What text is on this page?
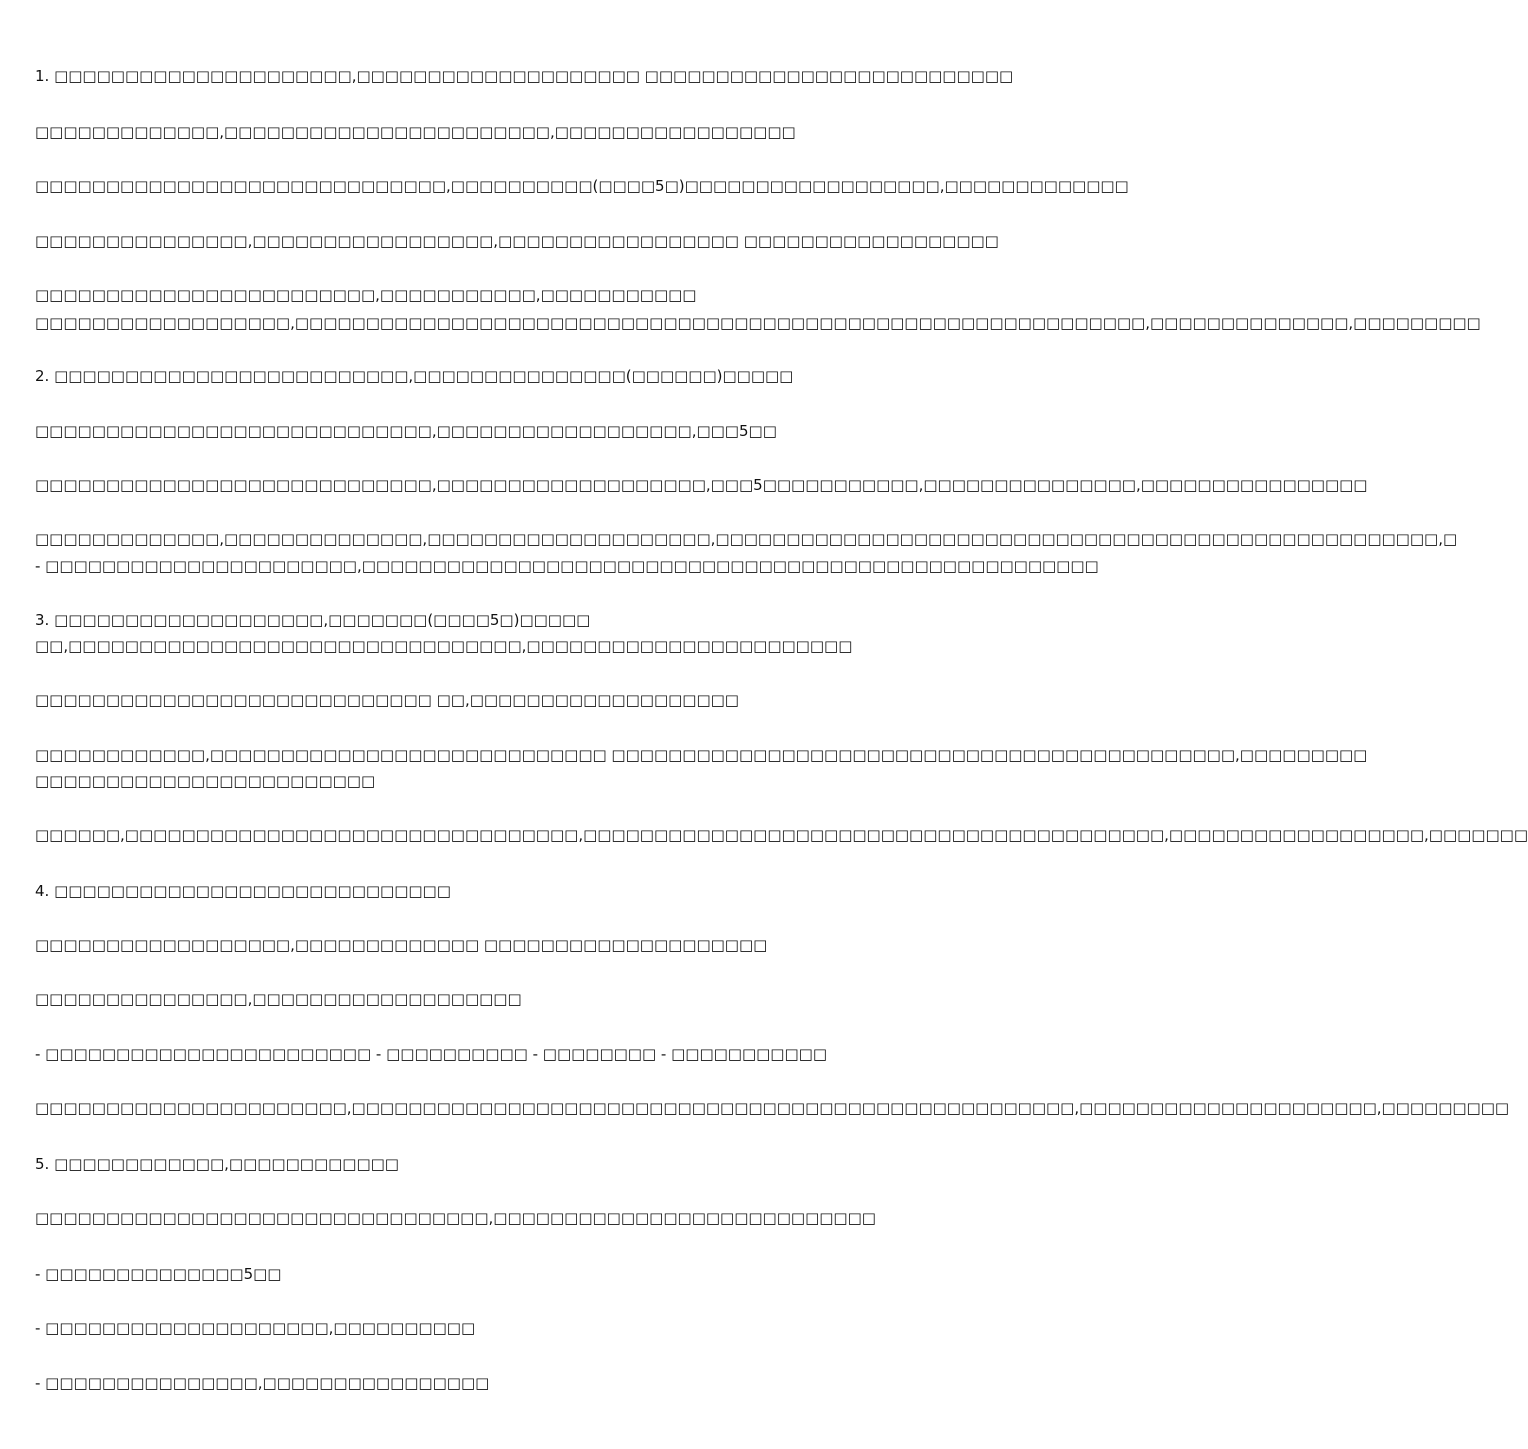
1. □□□□□□□□□□□□□□□□□□□□□,□□□□□□□□□□□□□□□□□□□□ □□□□□□□□□□□□□□□□□□□□□□□□□□
□□□□□□□□□□□□□,□□□□□□□□□□□□□□□□□□□□□□□,□□□□□□□□□□□□□□□□□
□□□□□□□□□□□□□□□□□□□□□□□□□□□□□,□□□□□□□□□□(□□□□5□)□□□□□□□□□□□□□□□□□□,□□□□□□□□□□□□□
□□□□□□□□□□□□□□□,□□□□□□□□□□□□□□□□□,□□□□□□□□□□□□□□□□□ □□□□□□□□□□□□□□□□□□
□□□□□□□□□□□□□□□□□□□□□□□□,□□□□□□□□□□□,□□□□□□□□□□□
□□□□□□□□□□□□□□□□□□,□□□□□□□□□□□□□□□□□□□□□□□□□□□□□□□□□□□□□□□□□□□□□□□□□□□□□□□□□□□□,□□□□□□□□□□□□□□,□□□□□□□□□
2. □□□□□□□□□□□□□□□□□□□□□□□□□,□□□□□□□□□□□□□□□(□□□□□□)□□□□□
□□□□□□□□□□□□□□□□□□□□□□□□□□□□,□□□□□□□□□□□□□□□□□□,□□□5□□
□□□□□□□□□□□□□□□□□□□□□□□□□□□□,□□□□□□□□□□□□□□□□□□□,□□□5□□□□□□□□□□□,□□□□□□□□□□□□□□□,□□□□□□□□□□□□□□□□
□□□□□□□□□□□□□,□□□□□□□□□□□□□□,□□□□□□□□□□□□□□□□□□□□,□□□□□□□□□□□□□□□□□□□□□□□□□□□□□□□□□□□□□□□□□□□□□□□□□□□,□
- □□□□□□□□□□□□□□□□□□□□□□,□□□□□□□□□□□□□□□□□□□□□□□□□□□□□□□□□□□□□□□□□□□□□□□□□□□□
3. □□□□□□□□□□□□□□□□□□□,□□□□□□□(□□□□5□)□□□□□
□□,□□□□□□□□□□□□□□□□□□□□□□□□□□□□□□□□,□□□□□□□□□□□□□□□□□□□□□□□
□□□□□□□□□□□□□□□□□□□□□□□□□□□□ □□,□□□□□□□□□□□□□□□□□□□
□□□□□□□□□□□□,□□□□□□□□□□□□□□□□□□□□□□□□□□□□ □□□□□□□□□□□□□□□□□□□□□□□□□□□□□□□□□□□□□□□□□□□□,□□□□□□□□□
□□□□□□□□□□□□□□□□□□□□□□□□
□□□□□□,□□□□□□□□□□□□□□□□□□□□□□□□□□□□□□□□,□□□□□□□□□□□□□□□□□□□□□□□□□□□□□□□□□□□□□□□□□,□□□□□□□□□□□□□□□□□□,□□□□□□□
4. □□□□□□□□□□□□□□□□□□□□□□□□□□□□
□□□□□□□□□□□□□□□□□□,□□□□□□□□□□□□□ □□□□□□□□□□□□□□□□□□□□
□□□□□□□□□□□□□□□,□□□□□□□□□□□□□□□□□□□
- □□□□□□□□□□□□□□□□□□□□□□□ - □□□□□□□□□□ - □□□□□□□□ - □□□□□□□□□□□
□□□□□□□□□□□□□□□□□□□□□□,□□□□□□□□□□□□□□□□□□□□□□□□□□□□□□□□□□□□□□□□□□□□□□□□□□□,□□□□□□□□□□□□□□□□□□□□□,□□□□□□□□□
5. □□□□□□□□□□□□,□□□□□□□□□□□□
□□□□□□□□□□□□□□□□□□□□□□□□□□□□□□□□,□□□□□□□□□□□□□□□□□□□□□□□□□□□
- □□□□□□□□□□□□□□5□□
- □□□□□□□□□□□□□□□□□□□□,□□□□□□□□□□
- □□□□□□□□□□□□□□□,□□□□□□□□□□□□□□□□
